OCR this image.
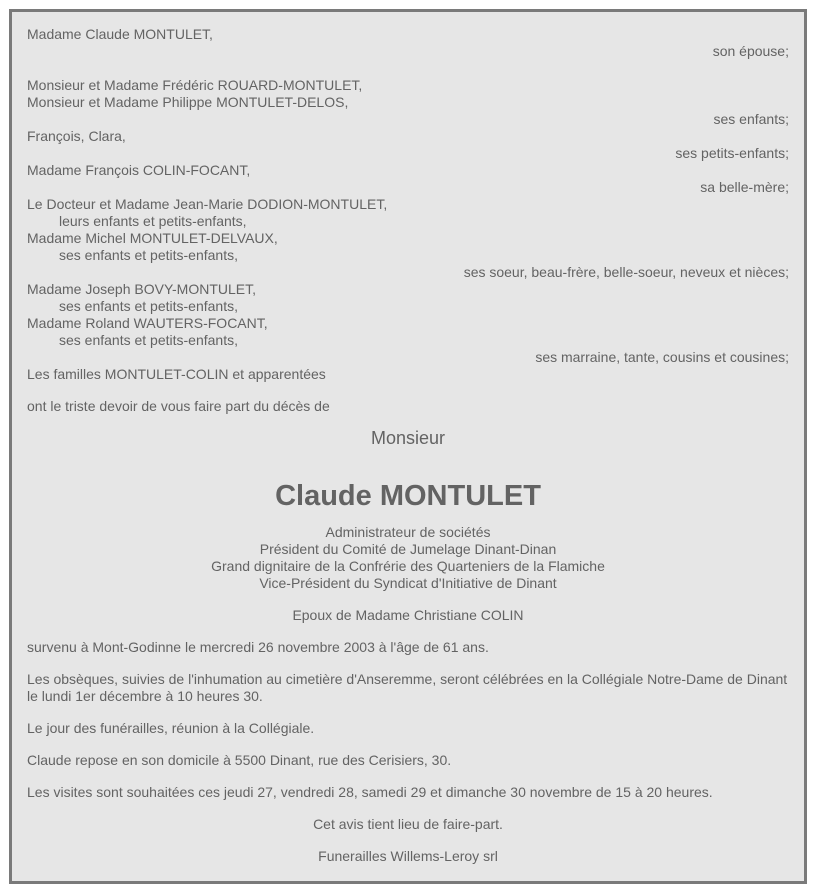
Madame Claude MONTULET,
son épouse;
Monsieur et Madame Frédéric ROUARD-MONTULET,
Monsieur et Madame Philippe MONTULET-DELOS,
ses enfants;
François, Clara,
ses petits-enfants;
Madame François COLIN-FOCANT,
sa belle-mère;
Le Docteur et Madame Jean-Marie DODION-MONTULET,
leurs enfants et petits-enfants,
Madame Michel MONTULET-DELVAUX,
ses enfants et petits-enfants,
ses soeur, beau-frère, belle-soeur, neveux et nièces;
Madame Joseph BOVY-MONTULET,
ses enfants et petits-enfants,
Madame Roland WAUTERS-FOCANT,
ses enfants et petits-enfants,
ses marraine, tante, cousins et cousines;
Les familles MONTULET-COLIN et apparentées
ont le triste devoir de vous faire part du décès de
Monsieur
Claude MONTULET
Administrateur de sociétés
Président du Comité de Jumelage Dinant-Dinan
Grand dignitaire de la Confrérie des Quarteniers de la Flamiche
Vice-Président du Syndicat d'Initiative de Dinant
Epoux de Madame Christiane COLIN
survenu à Mont-Godinne le mercredi 26 novembre 2003 à l'âge de 61 ans.
Les obsèques, suivies de l'inhumation au cimetière d'Anseremme, seront célébrées en la Collégiale Notre-Dame de Dinant le lundi 1er décembre à 10 heures 30.
Le jour des funérailles, réunion à la Collégiale.
Claude repose en son domicile à 5500 Dinant, rue des Cerisiers, 30.
Les visites sont souhaitées ces jeudi 27, vendredi 28, samedi 29 et dimanche 30 novembre de 15 à 20 heures.
Cet avis tient lieu de faire-part.
Funerailles Willems-Leroy srl
